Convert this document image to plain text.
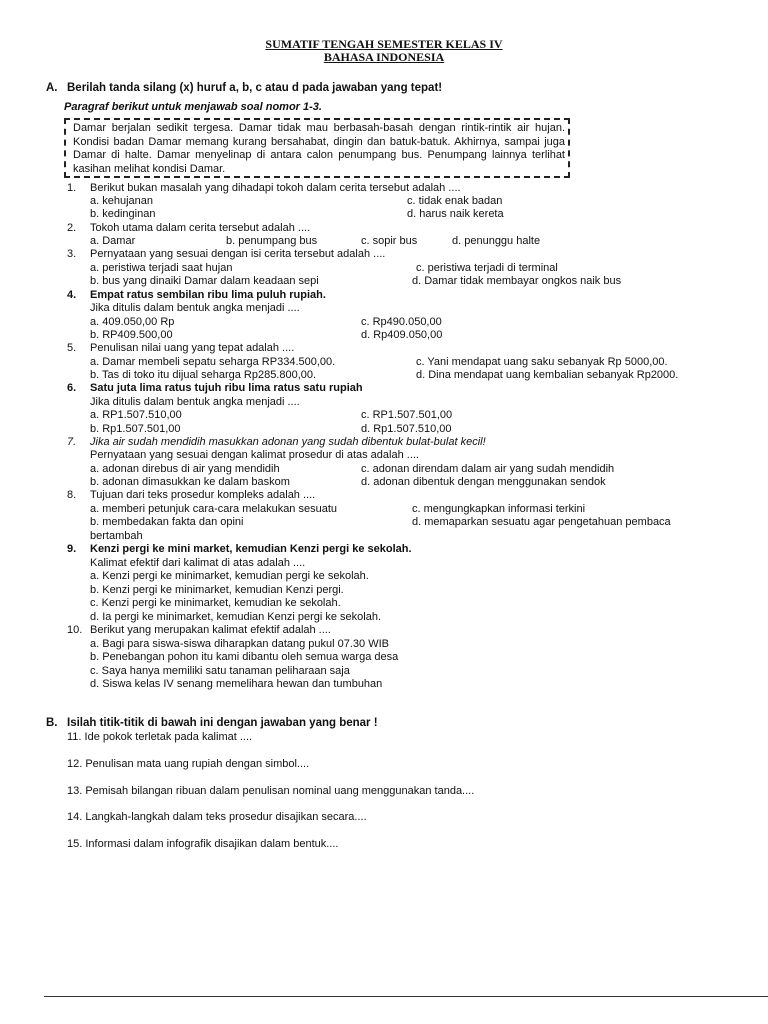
SUMATIF TENGAH SEMESTER KELAS IV
BAHASA INDONESIA
A. Berilah tanda silang (x) huruf a, b, c atau d pada jawaban yang tepat!
Paragraf berikut untuk menjawab soal nomor 1-3.
Damar berjalan sedikit tergesa. Damar tidak mau berbasah-basah dengan rintik-rintik air hujan. Kondisi badan Damar memang kurang bersahabat, dingin dan batuk-batuk. Akhirnya, sampai juga Damar di halte. Damar menyelinap di antara calon penumpang bus. Penumpang lainnya terlihat kasihan melihat kondisi Damar.
1. Berikut bukan masalah yang dihadapi tokoh dalam cerita tersebut adalah ....
a. kehujanan	c. tidak enak badan
b. kedinginan	d. harus naik kereta
2. Tokoh utama dalam cerita tersebut adalah ....
a. Damar	b. penumpang bus	c. sopir bus	d. penunggu halte
3. Pernyataan yang sesuai dengan isi cerita tersebut adalah ....
a. peristiwa terjadi saat hujan	c. peristiwa terjadi di terminal
b. bus yang dinaiki Damar dalam keadaan sepi	d. Damar tidak membayar ongkos naik bus
4. Empat ratus sembilan ribu lima puluh rupiah.
Jika ditulis dalam bentuk angka menjadi ....
a. 409.050,00 Rp	c. Rp490.050,00
b. RP409.500,00	d. Rp409.050,00
5. Penulisan nilai uang yang tepat adalah ....
a. Damar membeli sepatu seharga RP334.500,00.	c. Yani mendapat uang saku sebanyak Rp 5000,00.
b. Tas di toko itu dijual seharga Rp285.800,00.	d. Dina mendapat uang kembalian sebanyak Rp2000.
6. Satu juta lima ratus tujuh ribu lima ratus satu rupiah
Jika ditulis dalam bentuk angka menjadi ....
a. RP1.507.510,00	c. RP1.507.501,00
b. Rp1.507.501,00	d. Rp1.507.510,00
7. Jika air sudah mendidih masukkan adonan yang sudah dibentuk bulat-bulat kecil!
Pernyataan yang sesuai dengan kalimat prosedur di atas adalah ....
a. adonan direbus di air yang mendidih	c. adonan direndam dalam air yang sudah mendidih
b. adonan dimasukkan ke dalam baskom	d. adonan dibentuk dengan menggunakan sendok
8. Tujuan dari teks prosedur kompleks adalah ....
a. memberi petunjuk cara-cara melakukan sesuatu	c. mengungkapkan informasi terkini
b. membedakan fakta dan opini	d. memaparkan sesuatu agar pengetahuan pembaca
bertambah
9. Kenzi pergi ke mini market, kemudian Kenzi pergi ke sekolah.
Kalimat efektif dari kalimat di atas adalah ....
a. Kenzi pergi ke minimarket, kemudian pergi ke sekolah.
b. Kenzi pergi ke minimarket, kemudian Kenzi pergi.
c. Kenzi pergi ke minimarket, kemudian ke sekolah.
d. Ia pergi ke minimarket, kemudian Kenzi pergi ke sekolah.
10. Berikut yang merupakan kalimat efektif adalah ....
a. Bagi para siswa-siswa diharapkan datang pukul 07.30 WIB
b. Penebangan pohon itu kami dibantu oleh semua warga desa
c. Saya hanya memiliki satu tanaman peliharaan saja
d. Siswa kelas IV senang memelihara hewan dan tumbuhan
B. Isilah titik-titik di bawah ini dengan jawaban yang benar !
11. Ide pokok terletak pada kalimat ....
12. Penulisan mata uang rupiah dengan simbol....
13. Pemisah bilangan ribuan dalam penulisan nominal uang menggunakan tanda....
14. Langkah-langkah dalam teks prosedur disajikan secara....
15. Informasi dalam infografik disajikan dalam bentuk....
